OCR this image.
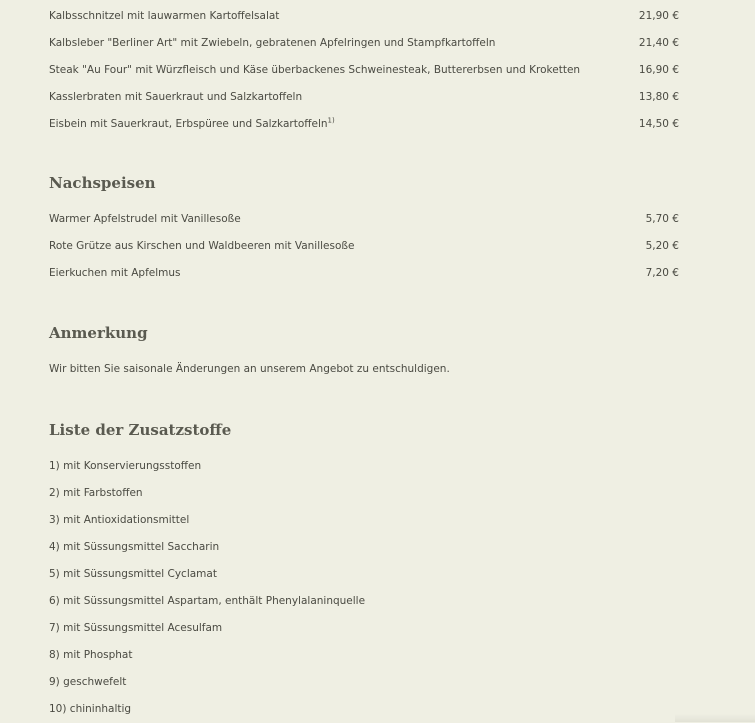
Kalbsschnitzel mit lauwarmen Kartoffelsalat	21,90 €
Kalbsleber "Berliner Art" mit Zwiebeln, gebratenen Apfelringen und Stampfkartoffeln	21,40 €
Steak "Au Four" mit Würzfleisch und Käse überbackenes Schweinesteak, Buttererbsen und Kroketten	16,90 €
Kasslerbraten mit Sauerkraut und Salzkartoffeln	13,80 €
Eisbein mit Sauerkraut, Erbspüree und Salzkartoffeln$^{1)}$	14,50 €
Nachspeisen
Warmer Apfelstrudel mit Vanillesoße	5,70 €
Rote Grütze aus Kirschen und Waldbeeren mit Vanillesoße	5,20 €
Eierkuchen mit Apfelmus	7,20 €
Anmerkung
Wir bitten Sie saisonale Änderungen an unserem Angebot zu entschuldigen.
Liste der Zusatzstoffe
1) mit Konservierungsstoffen
2) mit Farbstoffen
3) mit Antioxidationsmittel
4) mit Süssungsmittel Saccharin
5) mit Süssungsmittel Cyclamat
6) mit Süssungsmittel Aspartam, enthält Phenylalaninquelle
7) mit Süssungsmittel Acesulfam
8) mit Phosphat
9) geschwefelt
10) chininhaltig
